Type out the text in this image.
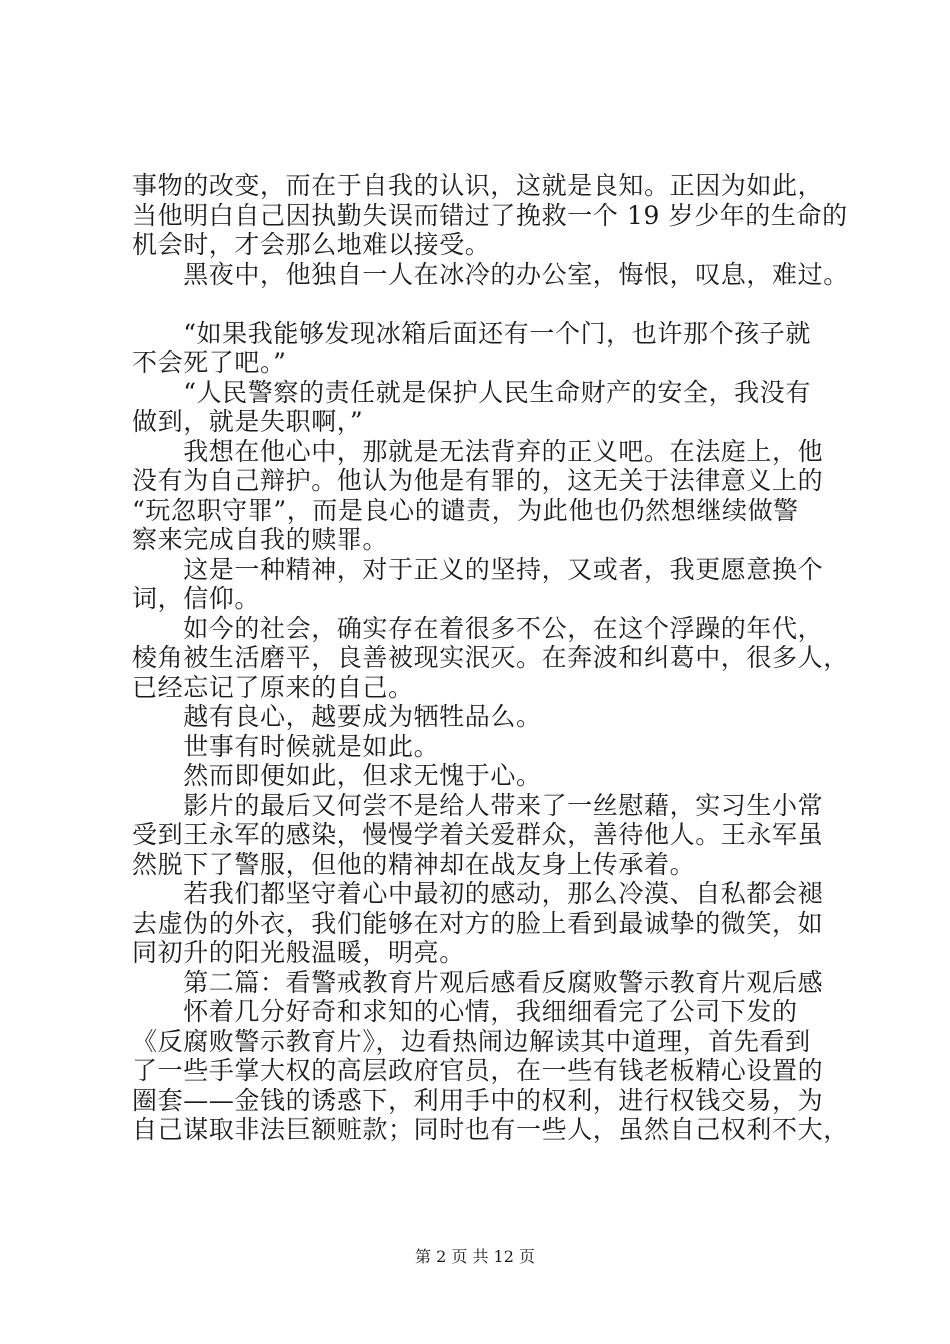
事物的改变，而在于自我的认识，这就是良知。正因为如此，
当他明白自己因执勤失误而错过了挽救一个 19 岁少年的生命的
机会时，才会那么地难以接受。
　　黑夜中，他独自一人在冰冷的办公室，悔恨，叹息，难过。
　　“如果我能够发现冰箱后面还有一个门，也许那个孩子就
不会死了吧。”
　　“人民警察的责任就是保护人民生命财产的安全，我没有
做到，就是失职啊，”
　　我想在他心中，那就是无法背弃的正义吧。在法庭上，他
没有为自己辩护。他认为他是有罪的，这无关于法律意义上的
“玩忽职守罪”，而是良心的谴责，为此他也仍然想继续做警
察来完成自我的赎罪。
　　这是一种精神，对于正义的坚持，又或者，我更愿意换个
词，信仰。
　　如今的社会，确实存在着很多不公，在这个浮躁的年代，
棱角被生活磨平，良善被现实泯灭。在奔波和纠葛中，很多人，
已经忘记了原来的自己。
　　越有良心，越要成为牺牲品么。
　　世事有时候就是如此。
　　然而即便如此，但求无愧于心。
　　影片的最后又何尝不是给人带来了一丝慰藉，实习生小常
受到王永军的感染，慢慢学着关爱群众，善待他人。王永军虽
然脱下了警服，但他的精神却在战友身上传承着。
　　若我们都坚守着心中最初的感动，那么冷漠、自私都会褪
去虚伪的外衣，我们能够在对方的脸上看到最诚挚的微笑，如
同初升的阳光般温暖，明亮。
　　第二篇：看警戒教育片观后感看反腐败警示教育片观后感
　　怀着几分好奇和求知的心情，我细细看完了公司下发的
《反腐败警示教育片》，边看热闹边解读其中道理，首先看到
了一些手掌大权的高层政府官员，在一些有钱老板精心设置的
圈套——金钱的诱惑下，利用手中的权利，进行权钱交易，为
自己谋取非法巨额赃款；同时也有一些人，虽然自己权利不大，
第 2 页 共 12 页
